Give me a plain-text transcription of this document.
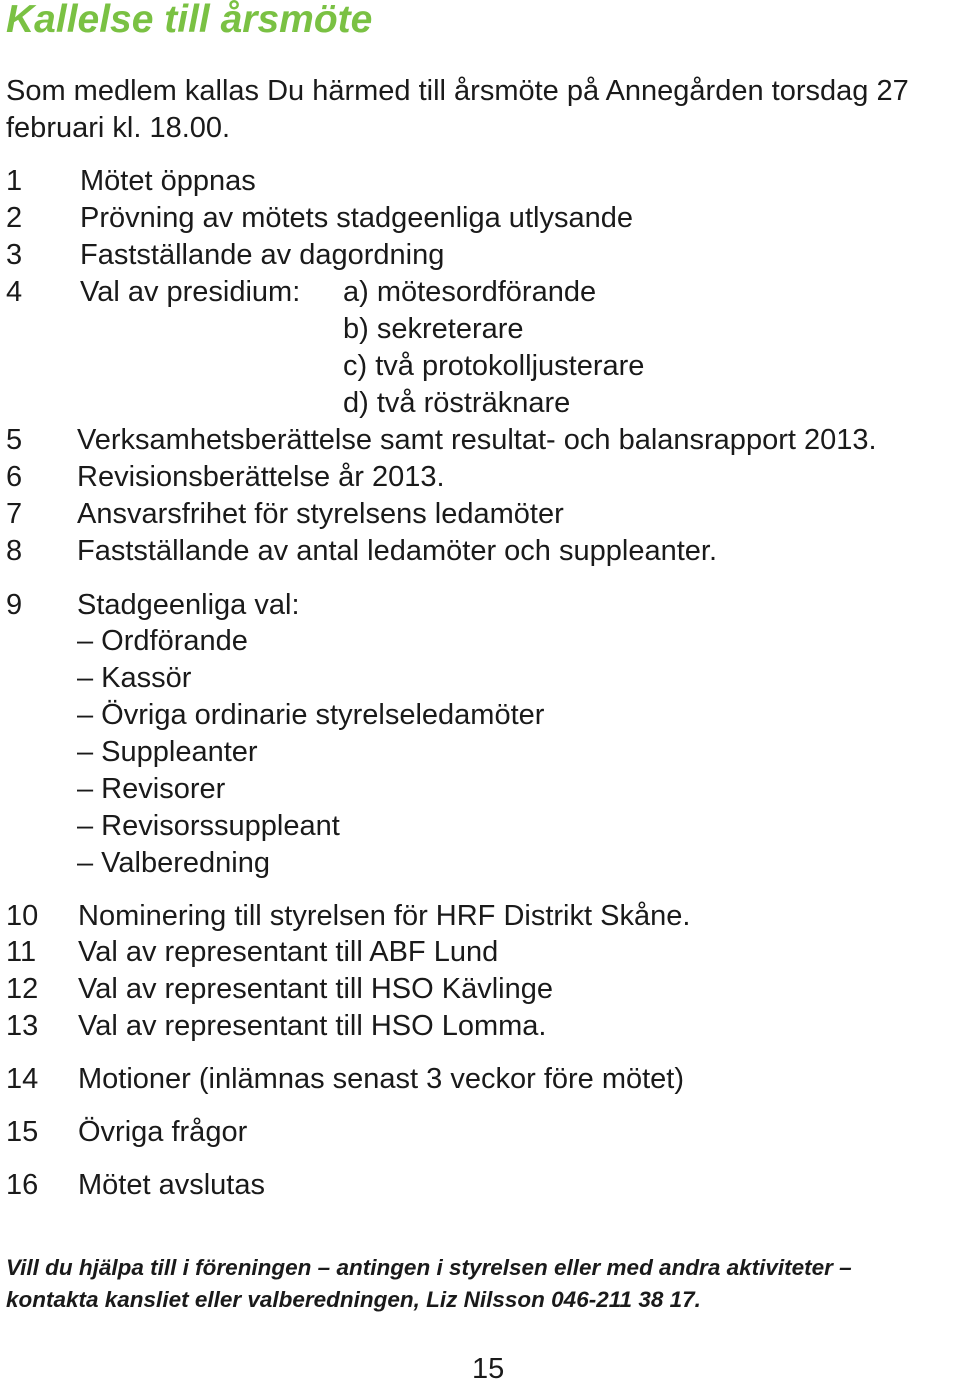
Kallelse till årsmöte

Som medlem kallas Du härmed till årsmöte på Annegården torsdag 27 februari kl. 18.00.

1 Mötet öppnas
2 Prövning av mötets stadgeenliga utlysande
3 Fastställande av dagordning
4 Val av presidium: a) mötesordförande
b) sekreterare
c) två protokolljusterare
d) två rösträknare
5 Verksamhetsberättelse samt resultat- och balansrapport 2013.
6 Revisionsberättelse år 2013.
7 Ansvarsfrihet för styrelsens ledamöter
8 Fastställande av antal ledamöter och suppleanter.
9 Stadgeenliga val:
– Ordförande
– Kassör
– Övriga ordinarie styrelseledamöter
– Suppleanter
– Revisorer
– Revisorssuppleant
– Valberedning
10 Nominering till styrelsen för HRF Distrikt Skåne.
11 Val av representant till ABF Lund
12 Val av representant till HSO Kävlinge
13 Val av representant till HSO Lomma.
14 Motioner (inlämnas senast 3 veckor före mötet)
15 Övriga frågor
16 Mötet avslutas
Vill du hjälpa till i föreningen – antingen i styrelsen eller med andra aktiviteter –
kontakta kansliet eller valberedningen, Liz Nilsson 046-211 38 17.
15
